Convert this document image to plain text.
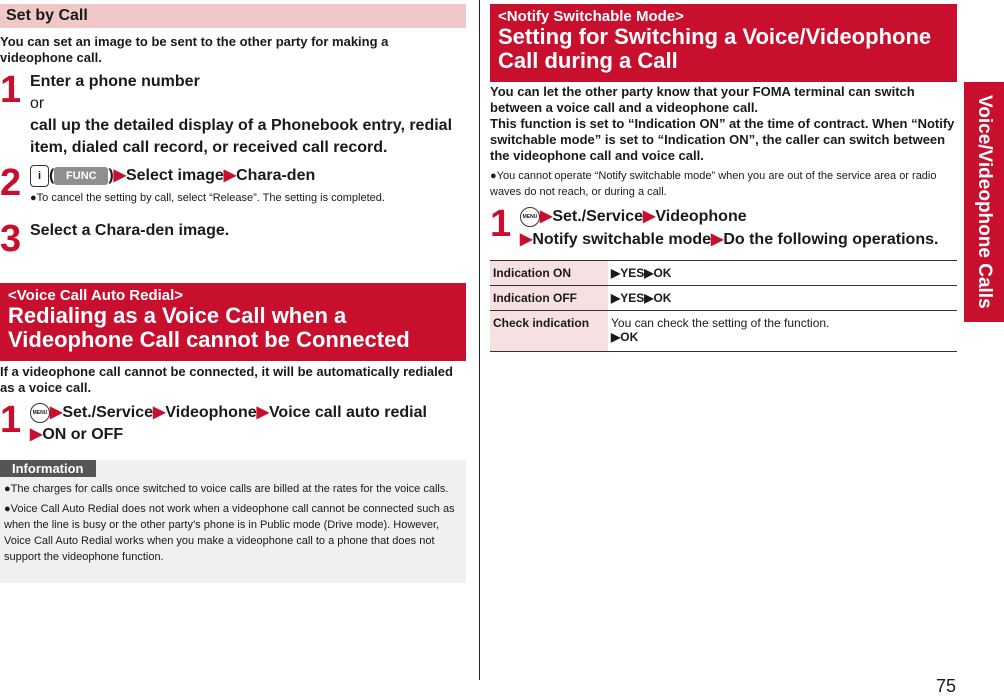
Set by Call
You can set an image to be sent to the other party for making a videophone call.
1 Enter a phone number
or
call up the detailed display of a Phonebook entry, redial item, dialed call record, or received call record.
2	i ( FUNC )▶Select image▶Chara-den
●To cancel the setting by call, select “Release”. The setting is completed.
3 Select a Chara-den image.
<Voice Call Auto Redial>
Redialing as a Voice Call when a Videophone Call cannot be Connected
If a videophone call cannot be connected, it will be automatically redialed as a voice call.
1	MENU ▶Set./Service▶Videophone▶Voice call auto redial
▶ON or OFF
Information
●The charges for calls once switched to voice calls are billed at the rates for the voice calls.
●Voice Call Auto Redial does not work when a videophone call cannot be connected such as when the line is busy or the other party’s phone is in Public mode (Drive mode). However, Voice Call Auto Redial works when you make a videophone call to a phone that does not support the videophone function.
<Notify Switchable Mode>
Setting for Switching a Voice/Videophone Call during a Call
You can let the other party know that your FOMA terminal can switch between a voice call and a videophone call.
This function is set to “Indication ON” at the time of contract. When “Notify switchable mode” is set to “Indication ON”, the caller can switch between the videophone call and voice call.
●You cannot operate “Notify switchable mode” when you are out of the service area or radio waves do not reach, or during a call.
1	MENU ▶Set./Service▶Videophone
▶Notify switchable mode▶Do the following operations.
Indication ON	▶YES▶OK
Indication OFF	▶YES▶OK
Check indication	You can check the setting of the function.
▶OK
Voice/Videophone Calls
75
